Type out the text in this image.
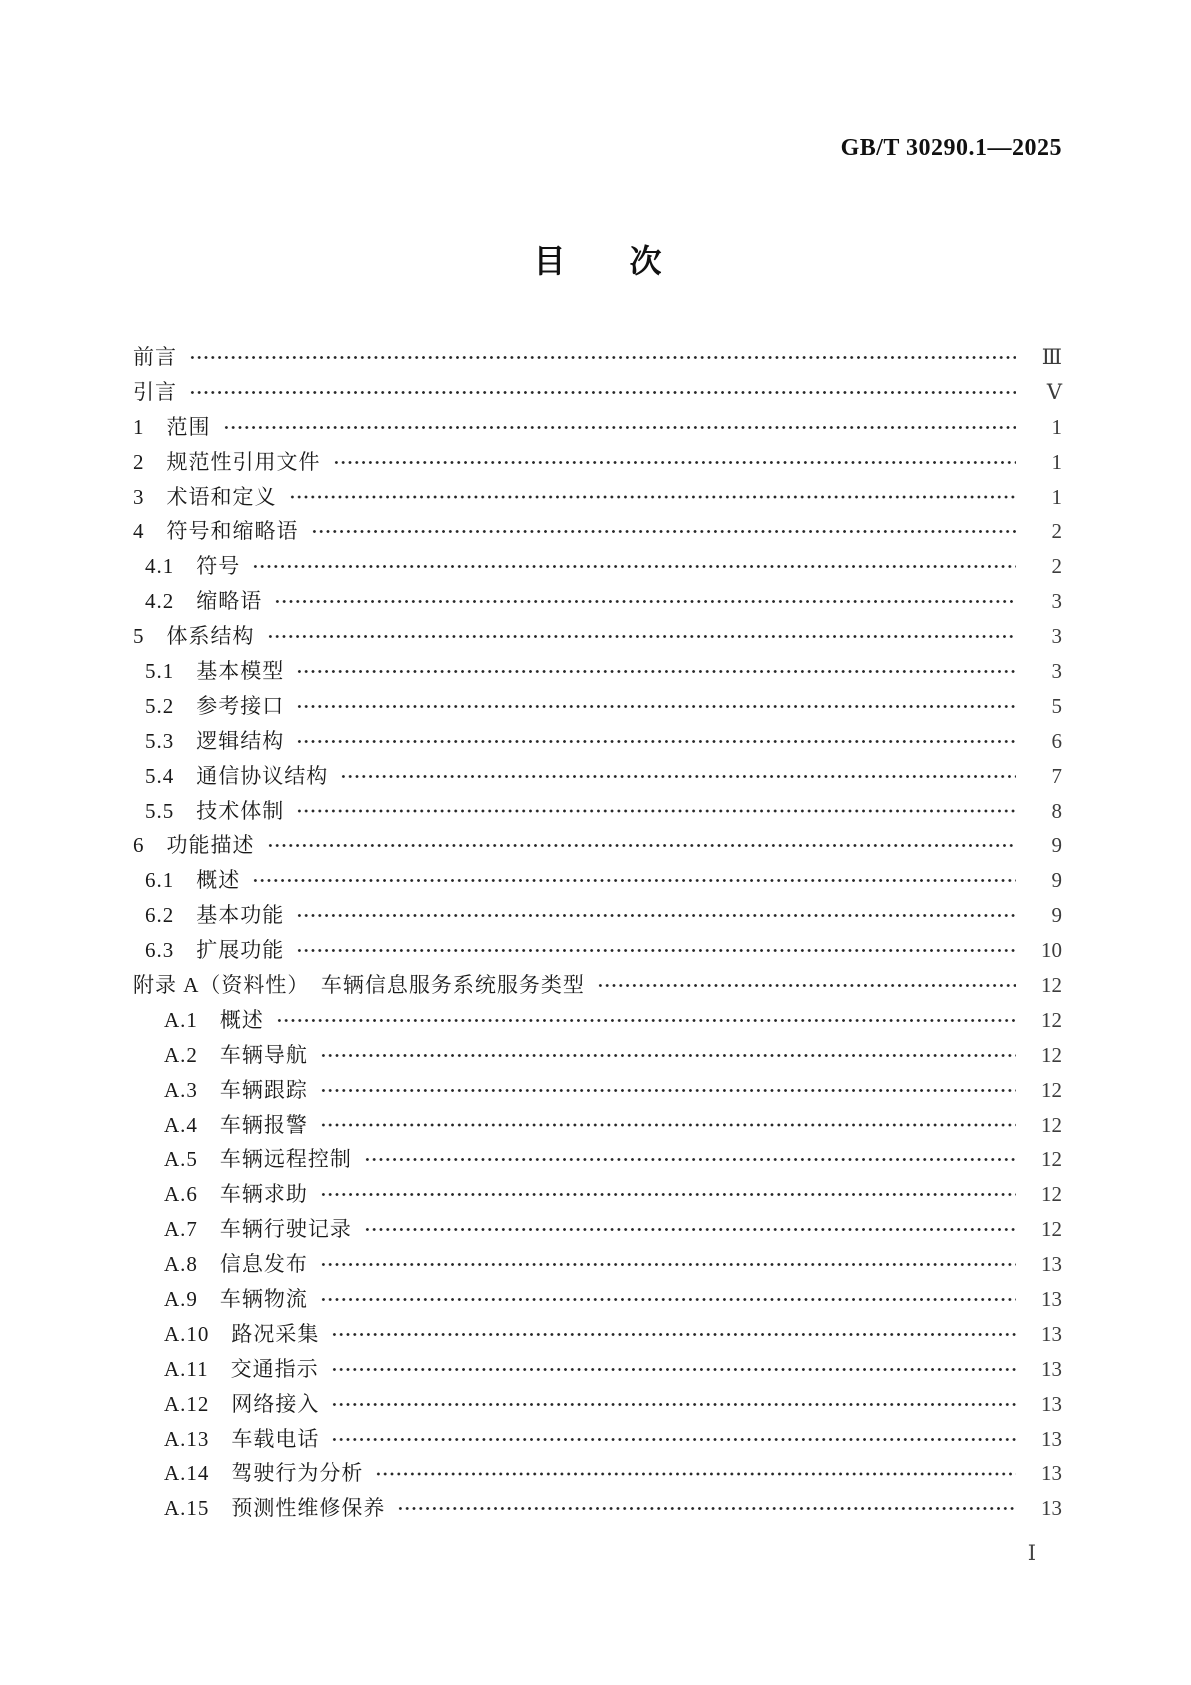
GB/T 30290.1—2025
目　　次
前言	Ⅲ
引言	Ⅴ
1　范围	1
2　规范性引用文件	1
3　术语和定义	1
4　符号和缩略语	2
4.1　符号	2
4.2　缩略语	3
5　体系结构	3
5.1　基本模型	3
5.2　参考接口	5
5.3　逻辑结构	6
5.4　通信协议结构	7
5.5　技术体制	8
6　功能描述	9
6.1　概述	9
6.2　基本功能	9
6.3　扩展功能	10
附录 A（资料性）　车辆信息服务系统服务类型	12
A.1　概述	12
A.2　车辆导航	12
A.3　车辆跟踪	12
A.4　车辆报警	12
A.5　车辆远程控制	12
A.6　车辆求助	12
A.7　车辆行驶记录	12
A.8　信息发布	13
A.9　车辆物流	13
A.10　路况采集	13
A.11　交通指示	13
A.12　网络接入	13
A.13　车载电话	13
A.14　驾驶行为分析	13
A.15　预测性维修保养	13
Ⅰ
